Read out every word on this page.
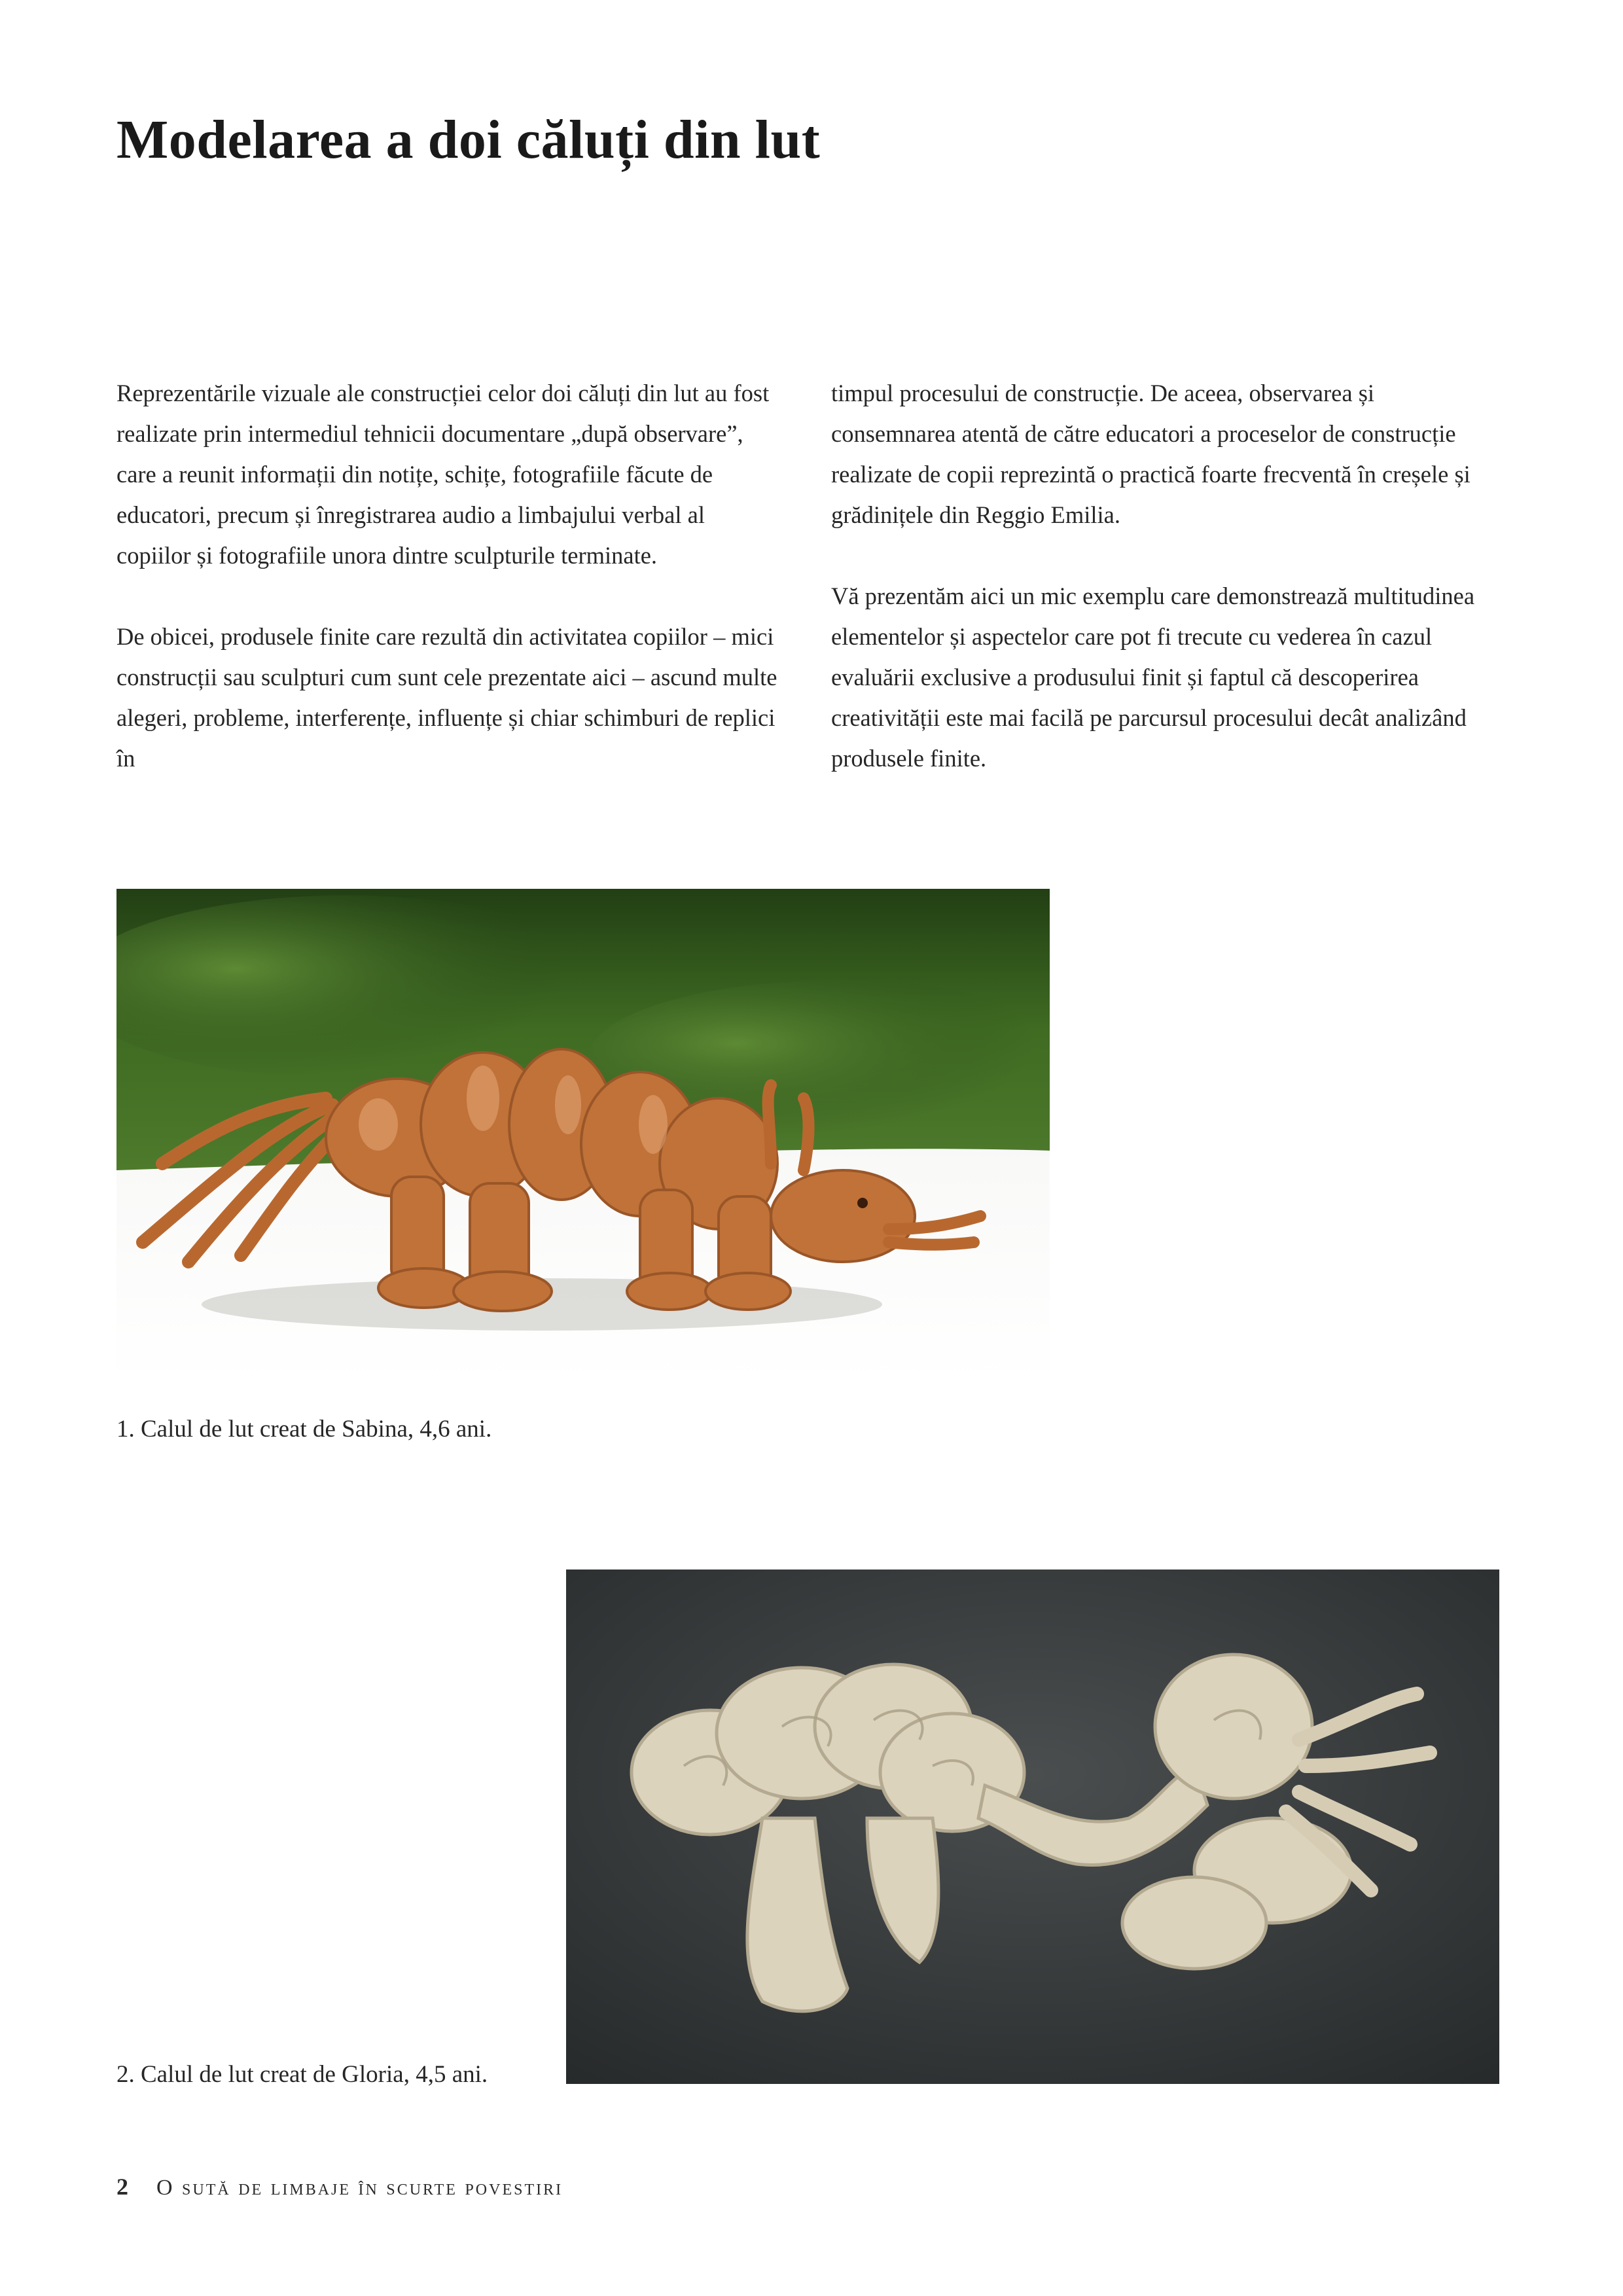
Modelarea a doi căluți din lut

Reprezentările vizuale ale construcției celor doi căluți din lut au fost realizate prin intermediul tehnicii documentare „după observare”, care a reunit informații din notițe, schițe, fotografiile făcute de educatori, precum și înregistrarea audio a limbajului verbal al copiilor și fotografiile unora dintre sculpturile terminate.

De obicei, produsele finite care rezultă din activitatea copiilor – mici construcții sau sculpturi cum sunt cele prezentate aici – ascund multe alegeri, probleme, interferențe, influențe și chiar schimburi de replici în

timpul procesului de construcție. De aceea, observarea și consemnarea atentă de către educatori a proceselor de construcție realizate de copii reprezintă o practică foarte frecventă în creșele și grădinițele din Reggio Emilia.

Vă prezentăm aici un mic exemplu care demonstrează multitudinea elementelor și aspectelor care pot fi trecute cu vederea în cazul evaluării exclusive a produsului finit și faptul că descoperirea creativității este mai facilă pe parcursul procesului decât analizând produsele finite.

1. Calul de lut creat de Sabina, 4,6 ani.

2. Calul de lut creat de Gloria, 4,5 ani.

2 O sută de limbaje în scurte povestiri
